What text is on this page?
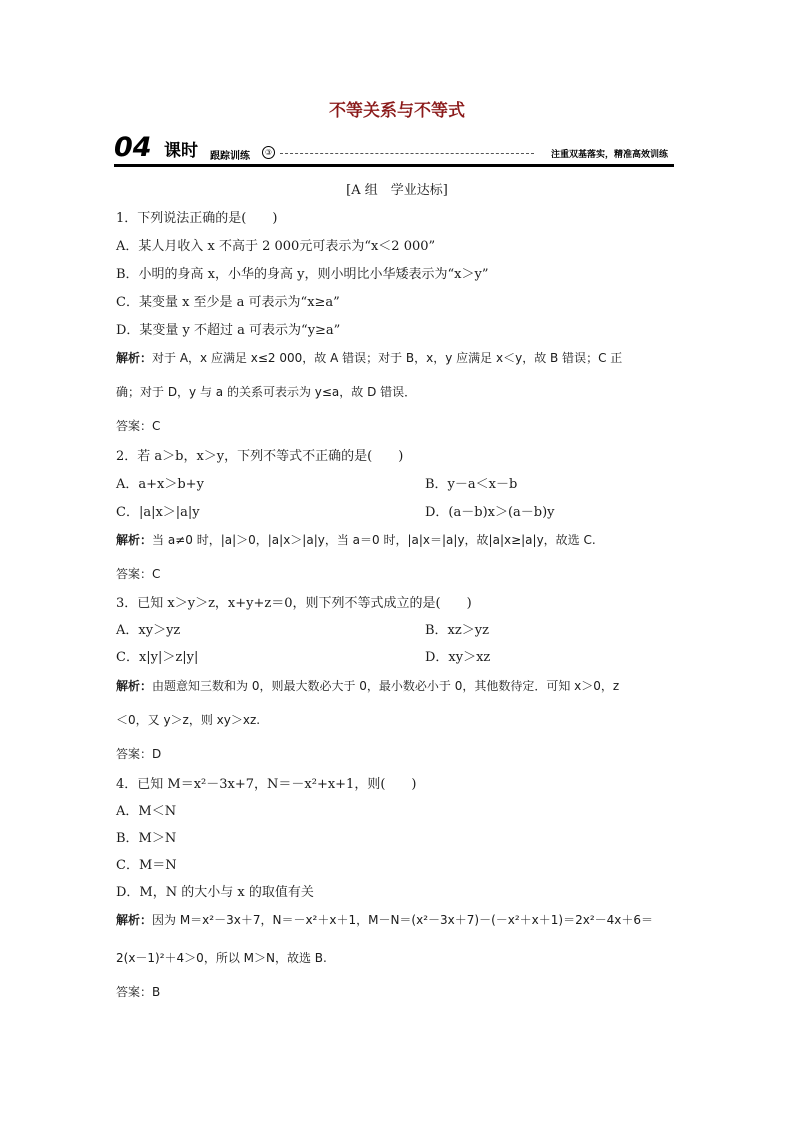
不等关系与不等式
04 课时 跟踪训练	③	注重双基落实，精准高效训练
[A 组　学业达标]
1．下列说法正确的是(　　)
A．某人月收入 x 不高于 2 000元可表示为“x＜2 000”
B．小明的身高 x，小华的身高 y，则小明比小华矮表示为“x＞y”
C．某变量 x 至少是 a 可表示为“x≥a”
D．某变量 y 不超过 a 可表示为“y≥a”
解析：对于 A，x 应满足 x≤2 000，故 A 错误；对于 B，x，y 应满足 x＜y，故 B 错误；C 正
确；对于 D，y 与 a 的关系可表示为 y≤a，故 D 错误．
答案：C
2．若 a＞b，x＞y，下列不等式不正确的是(　　)
A．a+x＞b+y	B．y－a＜x－b
C．|a|x＞|a|y	D．(a－b)x＞(a－b)y
解析：当 a≠0 时，|a|＞0，|a|x＞|a|y，当 a＝0 时，|a|x＝|a|y，故|a|x≥|a|y，故选 C.
答案：C
3．已知 x＞y＞z，x+y+z＝0，则下列不等式成立的是(　　)
A．xy＞yz	B．xz＞yz
C．x|y|＞z|y|	D．xy＞xz
解析：由题意知三数和为 0，则最大数必大于 0，最小数必小于 0，其他数待定．可知 x＞0，z
＜0，又 y＞z，则 xy＞xz.
答案：D
4．已知 M＝x²－3x+7，N＝－x²+x+1，则(　　)
A．M＜N
B．M＞N
C．M＝N
D．M，N 的大小与 x 的取值有关
解析：因为 M＝x²－3x＋7，N＝－x²＋x＋1，M－N＝(x²－3x＋7)－(－x²＋x＋1)＝2x²－4x＋6＝
2(x－1)²＋4＞0，所以 M＞N，故选 B.
答案：B
